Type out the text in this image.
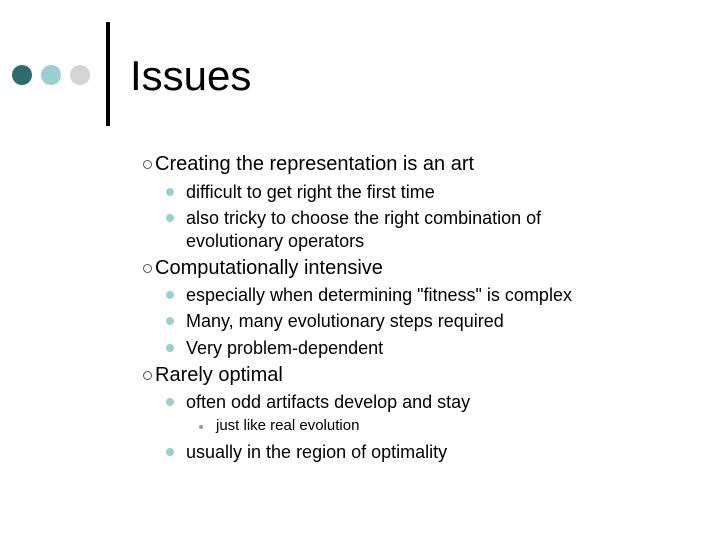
Issues
Creating the representation is an art
difficult to get right the first time
also tricky to choose the right combination of
evolutionary operators
Computationally intensive
especially when determining "fitness" is complex
Many, many evolutionary steps required
Very problem-dependent
Rarely optimal
often odd artifacts develop and stay
just like real evolution
usually in the region of optimality
